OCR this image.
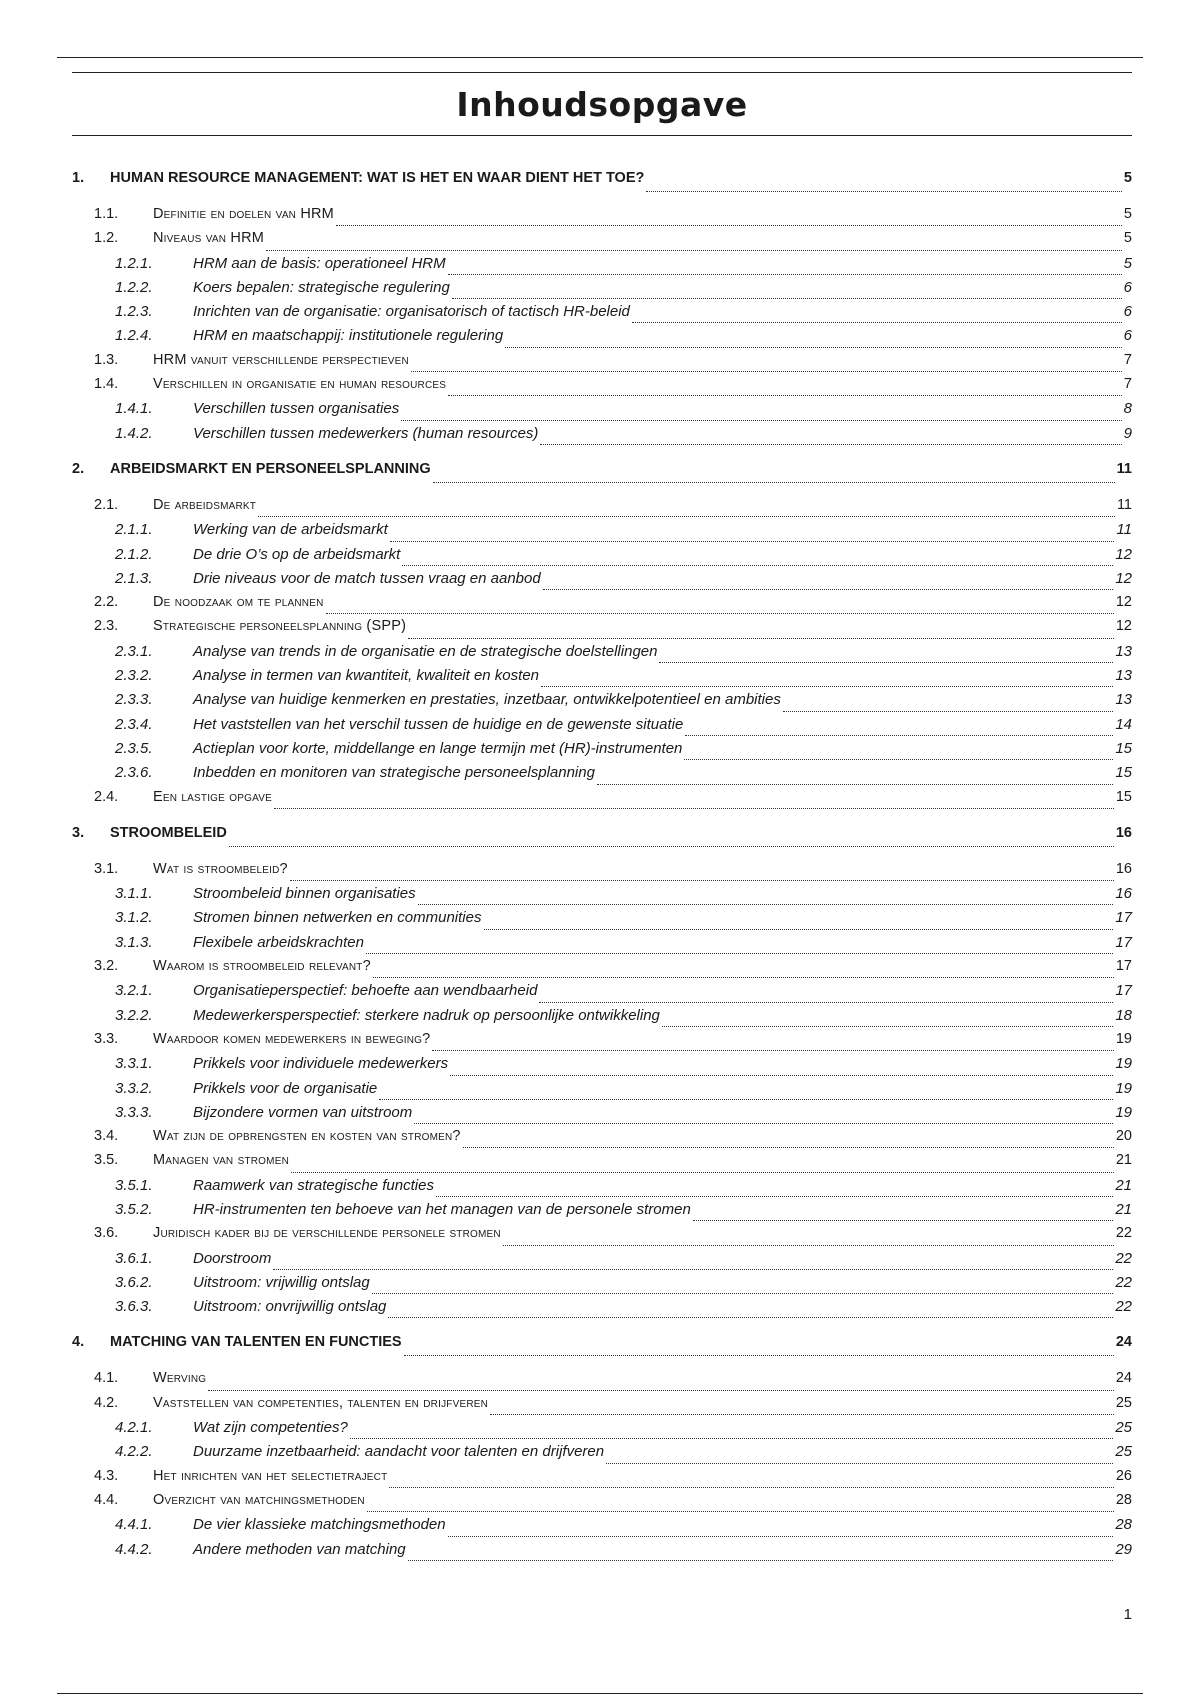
Inhoudsopgave
1.	HUMAN RESOURCE MANAGEMENT: WAT IS HET EN WAAR DIENT HET TOE?	5
1.1.	Definitie en doelen van HRM	5
1.2.	Niveaus van HRM	5
1.2.1.	HRM aan de basis: operationeel HRM	5
1.2.2.	Koers bepalen: strategische regulering	6
1.2.3.	Inrichten van de organisatie: organisatorisch of tactisch HR-beleid	6
1.2.4.	HRM en maatschappij: institutionele regulering	6
1.3.	HRM vanuit verschillende perspectieven	7
1.4.	Verschillen in organisatie en human resources	7
1.4.1.	Verschillen tussen organisaties	8
1.4.2.	Verschillen tussen medewerkers (human resources)	9
2.	ARBEIDSMARKT EN PERSONEELSPLANNING	11
2.1.	De arbeidsmarkt	11
2.1.1.	Werking van de arbeidsmarkt	11
2.1.2.	De drie O’s op de arbeidsmarkt	12
2.1.3.	Drie niveaus voor de match tussen vraag en aanbod	12
2.2.	De noodzaak om te plannen	12
2.3.	Strategische personeelsplanning (SPP)	12
2.3.1.	Analyse van trends in de organisatie en de strategische doelstellingen	13
2.3.2.	Analyse in termen van kwantiteit, kwaliteit en kosten	13
2.3.3.	Analyse van huidige kenmerken en prestaties, inzetbaar, ontwikkelpotentieel en ambities	13
2.3.4.	Het vaststellen van het verschil tussen de huidige en de gewenste situatie	14
2.3.5.	Actieplan voor korte, middellange en lange termijn met (HR)-instrumenten	15
2.3.6.	Inbedden en monitoren van strategische personeelsplanning	15
2.4.	Een lastige opgave	15
3.	STROOMBELEID	16
3.1.	Wat is stroombeleid?	16
3.1.1.	Stroombeleid binnen organisaties	16
3.1.2.	Stromen binnen netwerken en communities	17
3.1.3.	Flexibele arbeidskrachten	17
3.2.	Waarom is stroombeleid relevant?	17
3.2.1.	Organisatieperspectief: behoefte aan wendbaarheid	17
3.2.2.	Medewerkersperspectief: sterkere nadruk op persoonlijke ontwikkeling	18
3.3.	Waardoor komen medewerkers in beweging?	19
3.3.1.	Prikkels voor individuele medewerkers	19
3.3.2.	Prikkels voor de organisatie	19
3.3.3.	Bijzondere vormen van uitstroom	19
3.4.	Wat zijn de opbrengsten en kosten van stromen?	20
3.5.	Managen van stromen	21
3.5.1.	Raamwerk van strategische functies	21
3.5.2.	HR-instrumenten ten behoeve van het managen van de personele stromen	21
3.6.	Juridisch kader bij de verschillende personele stromen	22
3.6.1.	Doorstroom	22
3.6.2.	Uitstroom: vrijwillig ontslag	22
3.6.3.	Uitstroom: onvrijwillig ontslag	22
4.	MATCHING VAN TALENTEN EN FUNCTIES	24
4.1.	Werving	24
4.2.	Vaststellen van competenties, talenten en drijfveren	25
4.2.1.	Wat zijn competenties?	25
4.2.2.	Duurzame inzetbaarheid: aandacht voor talenten en drijfveren	25
4.3.	Het inrichten van het selectietraject	26
4.4.	Overzicht van matchingsmethoden	28
4.4.1.	De vier klassieke matchingsmethoden	28
4.4.2.	Andere methoden van matching	29
1
